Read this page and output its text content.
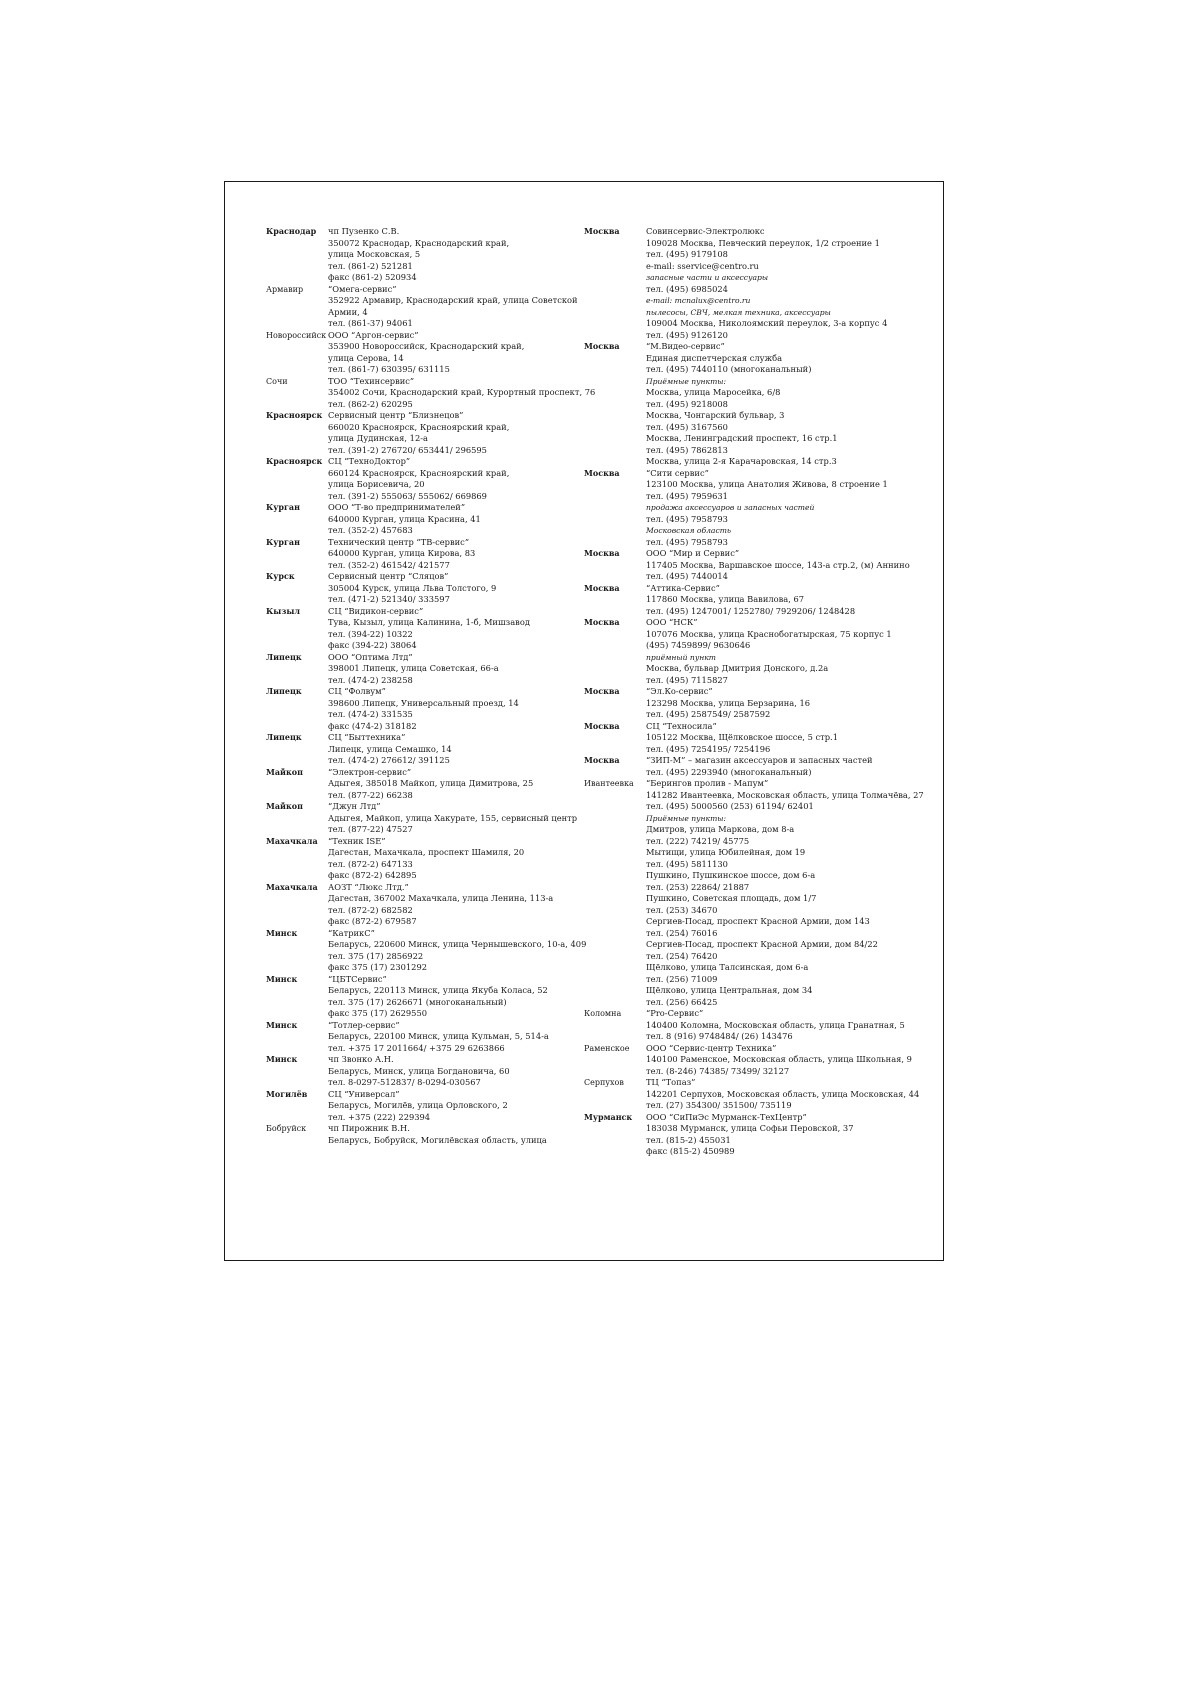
Краснодар	чп Пузенко С.В.
350072 Краснодар, Краснодарский край,
улица Московская, 5
тел. (861-2) 521281
факс (861-2) 520934
Армавир	“Омега-сервис”
352922 Армавир, Краснодарский край, улица Советской
Армии, 4
тел. (861-37) 94061
Новороссийск ООО “Аргон-сервис”
353900 Новороссийск, Краснодарский край,
улица Серова, 14
тел. (861-7) 630395/ 631115
Сочи	ТОО “Техинсервис”
354002 Сочи, Краснодарский край, Курортный проспект, 76
тел. (862-2) 620295
Красноярск Сервисный центр “Близнецов”
660020 Красноярск, Красноярский край,
улица Дудинская, 12-а
тел. (391-2) 276720/ 653441/ 296595
Красноярск СЦ “ТехноДоктор”
660124 Красноярск, Красноярский край,
улица Борисевича, 20
тел. (391-2) 555063/ 555062/ 669869
Курган	ООО “Т-во предпринимателей”
640000 Курган, улица Красина, 41
тел. (352-2) 457683
Курган	Технический центр “ТВ-сервис”
640000 Курган, улица Кирова, 83
тел. (352-2) 461542/ 421577
Курск	Сервисный центр “Сляцов”
305004 Курск, улица Льва Толстого, 9
тел. (471-2) 521340/ 333597
Кызыл	СЦ “Видикон-сервис”
Тува, Кызыл, улица Калинина, 1-б, Мишзавод
тел. (394-22) 10322
факс (394-22) 38064
Липецк	ООО “Оптима Лтд”
398001 Липецк, улица Советская, 66-а
тел. (474-2) 238258
Липецк	СЦ “Фолвум”
398600 Липецк, Универсальный проезд, 14
тел. (474-2) 331535
факс (474-2) 318182
Липецк	СЦ “Быттехника”
Липецк, улица Семашко, 14
тел. (474-2) 276612/ 391125
Майкоп	“Электрон-сервис”
Адыгея, 385018 Майкоп, улица Димитрова, 25
тел. (877-22) 66238
Майкоп	“Джун Лтд”
Адыгея, Майкоп, улица Хакурате, 155, сервисный центр
тел. (877-22) 47527
Махачкала	“Техник ISE”
Дагестан, Махачкала, проспект Шамиля, 20
тел. (872-2) 647133
факс (872-2) 642895
Махачкала	АОЗТ “Люкс Лтд.”
Дагестан, 367002 Махачкала, улица Ленина, 113-а
тел. (872-2) 682582
факс (872-2) 679587
Минск	“КатрикС”
Беларусь, 220600 Минск, улица Чернышевского, 10-а, 409
тел. 375 (17) 2856922
факс 375 (17) 2301292
Минск	“ЦБТСервис”
Беларусь, 220113 Минск, улица Якуба Коласа, 52
тел. 375 (17) 2626671 (многоканальный)
факс 375 (17) 2629550
Минск	“Тотлер-сервис”
Беларусь, 220100 Минск, улица Кульман, 5, 514-а
тел. +375 17 2011664/ +375 29 6263866
Минск	чп Звонко А.Н.
Беларусь, Минск, улица Богдановича, 60
тел. 8-0297-512837/ 8-0294-030567
Могилёв	СЦ “Универсал”
Беларусь, Могилёв, улица Орловского, 2
тел. +375 (222) 229394
Бобруйск	чп Пирожник В.Н.
Беларусь, Бобруйск, Могилёвская область, улица
Москва	Совинсервис-Электролюкс
109028 Москва, Певческий переулок, 1/2 строение 1
тел. (495) 9179108
e-mail: sservice@centro.ru
запасные части и аксессуары
тел. (495) 6985024
e-mail: mcnalux@centro.ru
пылесосы, СВЧ, мелкая техника, аксессуары
109004 Москва, Николоямский переулок, 3-а корпус 4
тел. (495) 9126120
Москва	“М.Видео-сервис”
Единая диспетчерская служба
тел. (495) 7440110 (многоканальный)
Приёмные пункты:
Москва, улица Маросейка, 6/8
тел. (495) 9218008
Москва, Чонгарский бульвар, 3
тел. (495) 3167560
Москва, Ленинградский проспект, 16 стр.1
тел. (495) 7862813
Москва, улица 2-я Карачаровская, 14 стр.3
Москва	“Сити сервис”
123100 Москва, улица Анатолия Живова, 8 строение 1
тел. (495) 7959631
продажа аксессуаров и запасных частей
тел. (495) 7958793
Московская область
тел. (495) 7958793
Москва	ООО “Мир и Сервис”
117405 Москва, Варшавское шоссе, 143-а стр.2, (м) Аннино
тел. (495) 7440014
Москва	“Аттика-Сервис”
117860 Москва, улица Вавилова, 67
тел. (495) 1247001/ 1252780/ 7929206/ 1248428
Москва	ООО “НСК”
107076 Москва, улица Краснобогатырская, 75 корпус 1
(495) 7459899/ 9630646
приёмный пункт
Москва, бульвар Дмитрия Донского, д.2а
тел. (495) 7115827
Москва	“Эл.Ко-сервис”
123298 Москва, улица Берзарина, 16
тел. (495) 2587549/ 2587592
Москва	СЦ “Техносила”
105122 Москва, Щёлковское шоссе, 5 стр.1
тел. (495) 7254195/ 7254196
Москва	“ЗИП-М” – магазин аксессуаров и запасных частей
тел. (495) 2293940 (многоканальный)
Ивантеевка	“Берингов пролив - Мапум”
141282 Ивантеевка, Московская область, улица Толмачёва, 27
тел. (495) 5000560 (253) 61194/ 62401
Приёмные пункты:
Дмитров, улица Маркова, дом 8-а
тел. (222) 74219/ 45775
Мытищи, улица Юбилейная, дом 19
тел. (495) 5811130
Пушкино, Пушкинское шоссе, дом 6-а
тел. (253) 22864/ 21887
Пушкино, Советская площадь, дом 1/7
тел. (253) 34670
Сергиев-Посад, проспект Красной Армии, дом 143
тел. (254) 76016
Сергиев-Посад, проспект Красной Армии, дом 84/22
тел. (254) 76420
Щёлково, улица Талсинская, дом 6-а
тел. (256) 71009
Щёлково, улица Центральная, дом 34
тел. (256) 66425
Коломна	“Pro-Сервис”
140400 Коломна, Московская область, улица Гранатная, 5
тел. 8 (916) 9748484/ (26) 143476
Раменское	ООО “Сервис-центр Техника”
140100 Раменское, Московская область, улица Школьная, 9
тел. (8-246) 74385/ 73499/ 32127
Серпухов	ТЦ “Топаз”
142201 Серпухов, Московская область, улица Московская, 44
тел. (27) 354300/ 351500/ 735119
Мурманск	ООО “СиПиЭс Мурманск-ТехЦентр”
183038 Мурманск, улица Софьи Перовской, 37
тел. (815-2) 455031
факс (815-2) 450989
